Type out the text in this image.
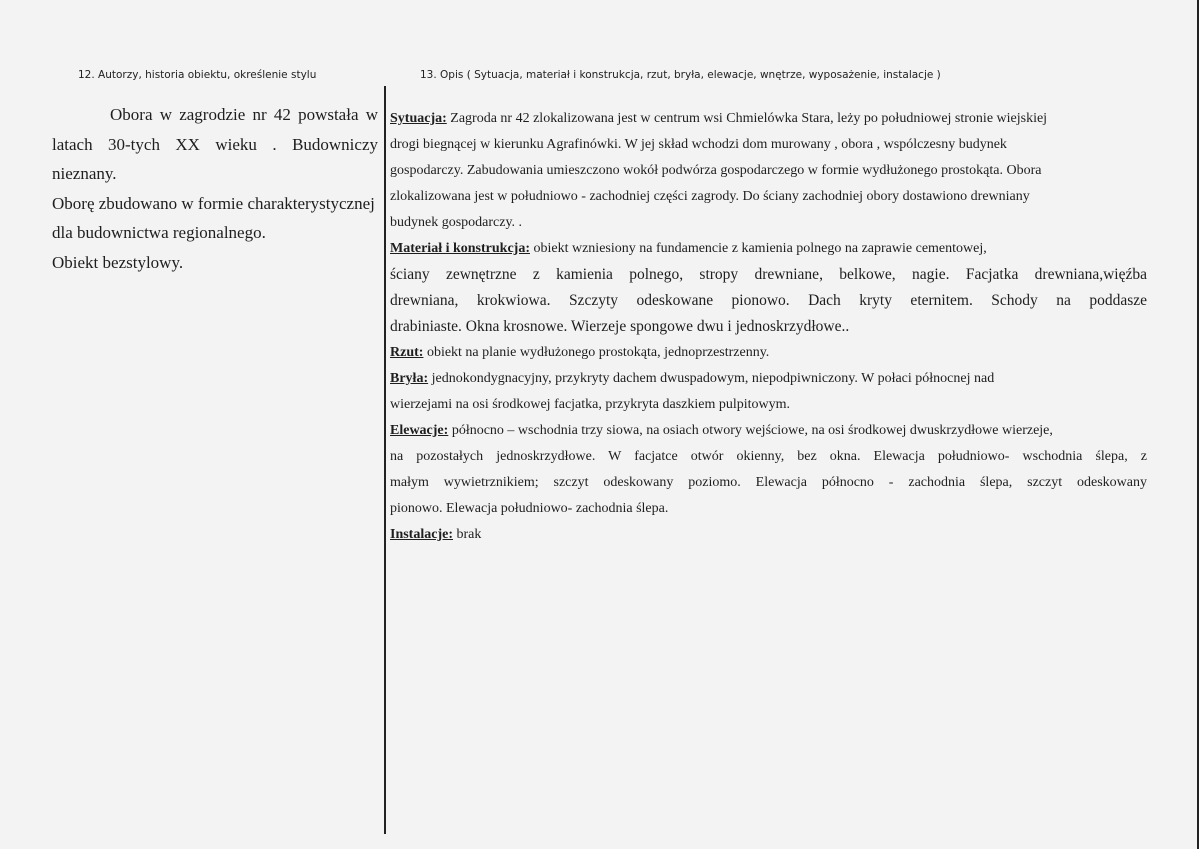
12. Autorzy, historia obiektu, określenie stylu	13. Opis ( Sytuacja, materiał i konstrukcja, rzut, bryła, elewacje, wnętrze, wyposażenie, instalacje )

Obora w zagrodzie nr 42 powstała w

latach 30-tych XX wieku . Budowniczy

nieznany.

Oborę zbudowano w formie charakterystycznej

dla budownictwa regionalnego.

Obiekt bezstylowy.

Sytuacja: Zagroda nr 42 zlokalizowana jest w centrum wsi Chmielówka Stara, leży po południowej stronie wiejskiej
drogi biegnącej w kierunku Agrafinówki. W jej skład wchodzi dom murowany , obora , wspólczesny budynek
gospodarczy. Zabudowania umieszczono wokół podwórza gospodarczego w formie wydłużonego prostokąta. Obora
zlokalizowana jest w południowo - zachodniej części zagrody. Do ściany zachodniej obory dostawiono drewniany
budynek gospodarczy. .
Materiał i konstrukcja: obiekt wzniesiony na fundamencie z kamienia polnego na zaprawie cementowej,
ściany zewnętrzne z kamienia polnego, stropy drewniane, belkowe, nagie. Facjatka drewniana,więźba
drewniana, krokwiowa. Szczyty odeskowane pionowo. Dach kryty eternitem. Schody na poddasze
drabiniaste. Okna krosnowe. Wierzeje spongowe dwu i jednoskrzydłowe..
Rzut: obiekt na planie wydłużonego prostokąta, jednoprzestrzenny.
Bryła: jednokondygnacyjny, przykryty dachem dwuspadowym, niepodpiwniczony. W połaci północnej nad
wierzejami na osi środkowej facjatka, przykryta daszkiem pulpitowym.
Elewacje: północno – wschodnia trzy siowa, na osiach otwory wejściowe, na osi środkowej dwuskrzydłowe wierzeje,
na pozostałych jednoskrzydłowe. W facjatce otwór okienny, bez okna. Elewacja południowo- wschodnia ślepa, z
małym wywietrznikiem; szczyt odeskowany poziomo. Elewacja północno - zachodnia ślepa, szczyt odeskowany
pionowo. Elewacja południowo- zachodnia ślepa.
Instalacje: brak
